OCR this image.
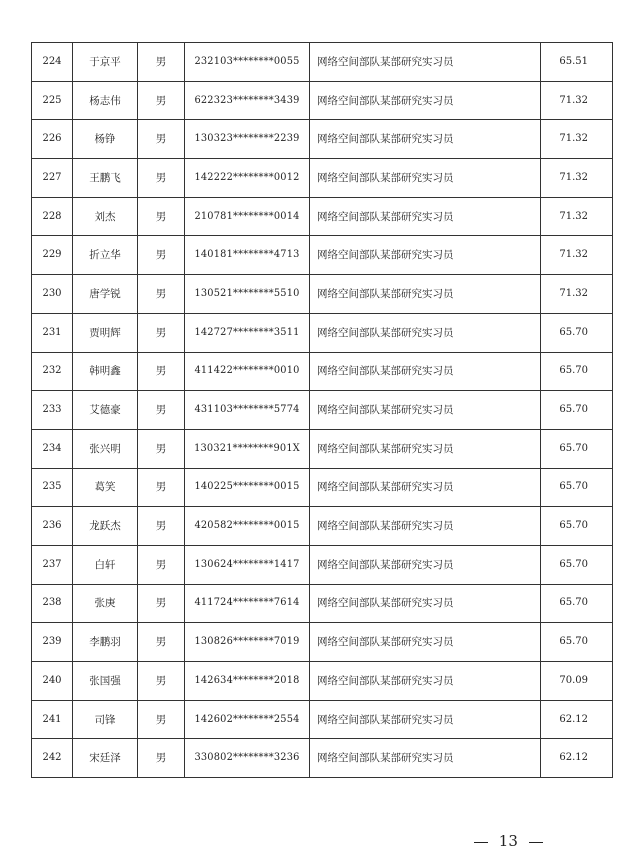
224	于京平	男	232103********0055	网络空间部队某部研究实习员	65.51
225	杨志伟	男	622323********3439	网络空间部队某部研究实习员	71.32
226	杨铮	男	130323********2239	网络空间部队某部研究实习员	71.32
227	王鹏飞	男	142222********0012	网络空间部队某部研究实习员	71.32
228	刘杰	男	210781********0014	网络空间部队某部研究实习员	71.32
229	折立华	男	140181********4713	网络空间部队某部研究实习员	71.32
230	唐学锐	男	130521********5510	网络空间部队某部研究实习员	71.32
231	贾明辉	男	142727********3511	网络空间部队某部研究实习员	65.70
232	韩明鑫	男	411422********0010	网络空间部队某部研究实习员	65.70
233	艾德豪	男	431103********5774	网络空间部队某部研究实习员	65.70
234	张兴明	男	130321********901X	网络空间部队某部研究实习员	65.70
235	葛笑	男	140225********0015	网络空间部队某部研究实习员	65.70
236	龙跃杰	男	420582********0015	网络空间部队某部研究实习员	65.70
237	白轩	男	130624********1417	网络空间部队某部研究实习员	65.70
238	张庚	男	411724********7614	网络空间部队某部研究实习员	65.70
239	李鹏羽	男	130826********7019	网络空间部队某部研究实习员	65.70
240	张国强	男	142634********2018	网络空间部队某部研究实习员	70.09
241	司锋	男	142602********2554	网络空间部队某部研究实习员	62.12
242	宋廷泽	男	330802********3236	网络空间部队某部研究实习员	62.12
13
